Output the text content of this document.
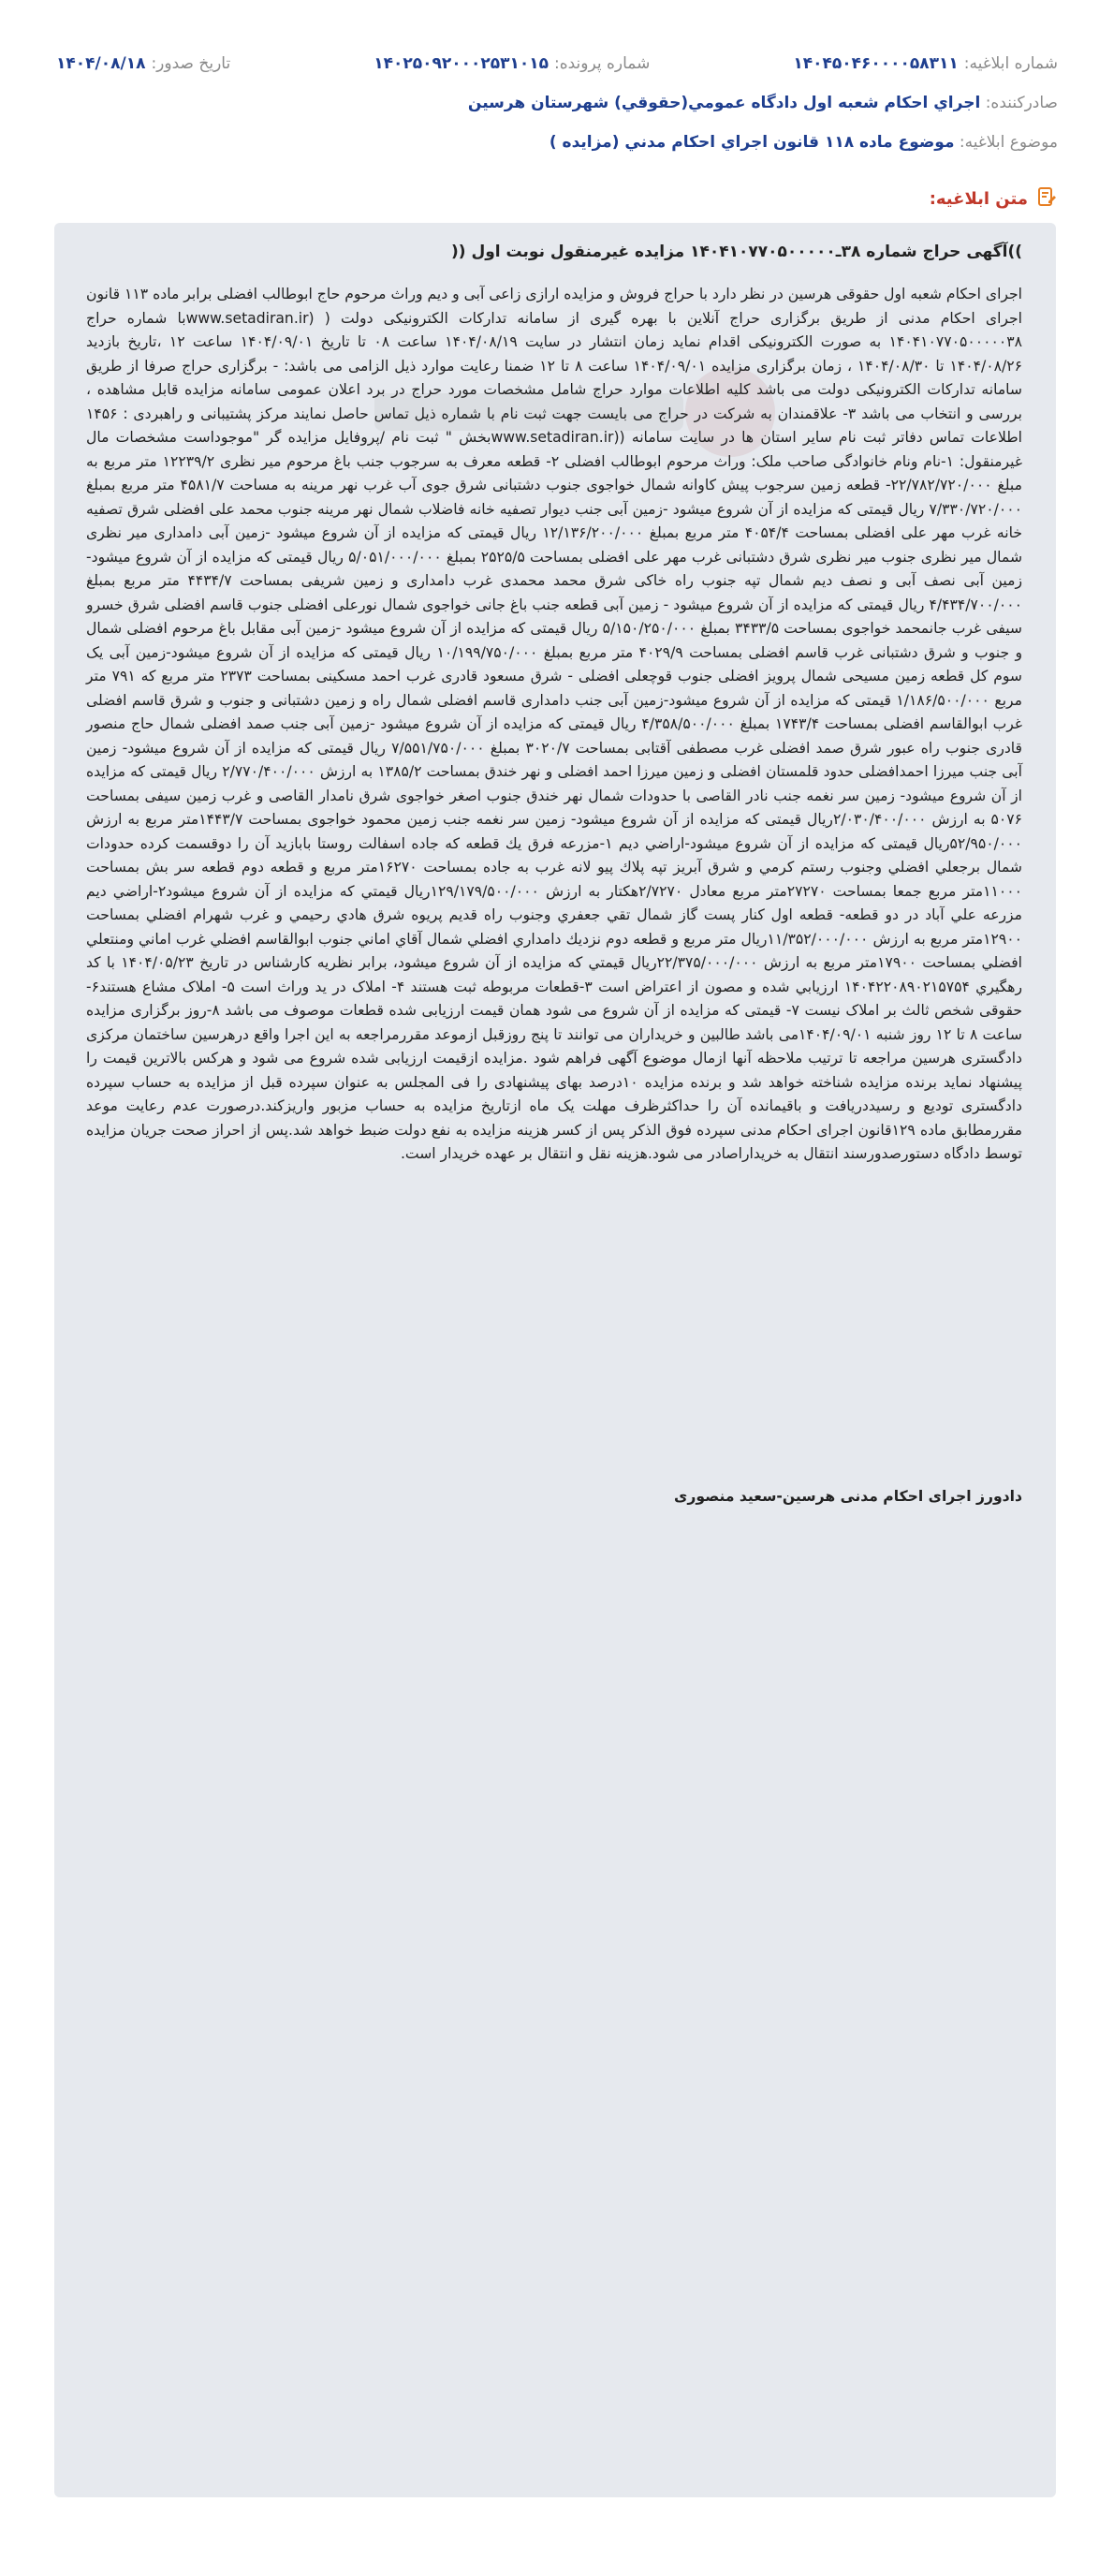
شماره ابلاغیه:
۱۴۰۴۵۰۴۶۰۰۰۰۵۸۳۱۱
شماره پرونده:
۱۴۰۲۵۰۹۲۰۰۰۲۵۳۱۰۱۵
تاریخ صدور:
۱۴۰۴/۰۸/۱۸
صادرکننده: اجراي احكام شعبه اول دادگاه عمومي(حقوقي) شهرستان هرسين
موضوع ابلاغیه: موضوع ماده ۱۱۸ قانون اجراي احكام مدني (مزايده )
متن ابلاغیه:
))آگهی حراج شماره ۳۸ـ۱۴۰۴۱۰۷۷۰۵۰۰۰۰۰ مزایده غیرمنقول نوبت اول ((
اجرای احکام شعبه اول حقوقی هرسین در نظر دارد با حراج فروش و مزایده ارازی زاعی آبی و دیم وراث مرحوم حاج ابوطالب افضلی برابر ماده ۱۱۳ قانون اجرای احکام مدنی از طریق برگزاری حراج آنلاین با بهره گیری از سامانه تدارکات الکترونیکی دولت ( (www.setadiran.irبا شماره حراج ۱۴۰۴۱۰۷۷۰۵۰۰۰۰۰۳۸ به صورت الکترونیکی اقدام نماید زمان انتشار در سایت ۱۴۰۴/۰۸/۱۹ ساعت ۰۸ تا تاریخ ۱۴۰۴/۰۹/۰۱ ساعت ۱۲ ،تاریخ بازدید ۱۴۰۴/۰۸/۲۶ تا ۱۴۰۴/۰۸/۳۰ ، زمان برگزاری مزایده ۱۴۰۴/۰۹/۰۱ ساعت ۸ تا ۱۲ ضمنا رعایت موارد ذیل الزامی می باشد: - برگزاری حراج صرفا از طریق سامانه تدارکات الکترونیکی دولت می باشد کلیه اطلاعات موارد حراج شامل مشخصات مورد حراج در برد اعلان عمومی سامانه مزایده قابل مشاهده ، بررسی و انتخاب می باشد ۳- علاقمندان به شرکت در حراج می بایست جهت ثبت نام با شماره ذیل تماس حاصل نمایند مرکز پشتیبانی و راهبردی : ۱۴۵۶ اطلاعات تماس دفاتر ثبت نام سایر استان ها در سایت سامانه ((www.setadiran.irبخش " ثبت نام /پروفایل مزایده گر "موجوداست مشخصات مال غیرمنقول: ۱-نام ونام خانوادگی صاحب ملک: وراث مرحوم ابوطالب افضلی ۲- قطعه معرف به سرجوب جنب باغ مرحوم میر نظری ۱۲۲۳۹/۲ متر مربع به مبلغ ۲۲/۷۸۲/۷۲۰/۰۰۰- قطعه زمین سرجوب پیش کاوانه شمال خواجوی جنوب دشتبانی شرق جوی آب غرب نهر مرینه به مساحت ۴۵۸۱/۷ متر مربع بمبلغ ۷/۳۳۰/۷۲۰/۰۰۰ ریال قیمتی که مزایده از آن شروع میشود -زمین آبی جنب دیوار تصفیه خانه فاضلاب شمال نهر مرینه جنوب محمد علی افضلی شرق تصفیه خانه غرب مهر علی افضلی بمساحت ۴۰۵۴/۴ متر مربع بمبلغ ۱۲/۱۳۶/۲۰۰/۰۰۰ ریال قیمتی که مزایده از آن شروع میشود -زمین آبی دامداری میر نظری شمال میر نظری جنوب میر نظری شرق دشتبانی غرب مهر علی افضلی بمساحت ۲۵۲۵/۵ بمبلغ ۵/۰۵۱/۰۰۰/۰۰۰ ریال قیمتی که مزایده از آن شروع میشود-زمین آبی نصف آبی و نصف دیم شمال تپه جنوب راه خاکی شرق محمد محمدی غرب دامداری و زمین شریفی بمساحت ۴۴۳۴/۷ متر مربع بمبلغ ۴/۴۳۴/۷۰۰/۰۰۰ ریال قیمتی که مزایده از آن شروع میشود - زمین آبی قطعه جنب باغ جانی خواجوی شمال نورعلی افضلی جنوب قاسم افضلی شرق خسرو سیفی غرب جانمحمد خواجوی بمساحت ۳۴۳۳/۵ بمبلغ ۵/۱۵۰/۲۵۰/۰۰۰ ریال قیمتی که مزایده از آن شروع میشود -زمین آبی مقابل باغ مرحوم افضلی شمال و جنوب و شرق دشتبانی غرب قاسم افضلی بمساحت ۴۰۲۹/۹ متر مربع بمبلغ ۱۰/۱۹۹/۷۵۰/۰۰۰ ریال قیمتی که مزایده از آن شروع میشود-زمین آبی یک سوم کل قطعه زمین مسیحی شمال پرویز افضلی جنوب قوچعلی افضلی - شرق مسعود قادری غرب احمد مسکینی بمساحت ۲۳۷۳ متر مربع که ۷۹۱ متر مربع ۱/۱۸۶/۵۰۰/۰۰۰ قیمتی که مزایده از آن شروع میشود-زمین آبی جنب دامداری قاسم افضلی شمال راه و زمین دشتبانی و جنوب و شرق قاسم افضلی غرب ابوالقاسم افضلی بمساحت ۱۷۴۳/۴ بمبلغ ۴/۳۵۸/۵۰۰/۰۰۰ ریال قیمتی که مزایده از آن شروع میشود -زمین آبی جنب صمد افضلی شمال حاج منصور قادری جنوب راه عبور شرق صمد افضلی غرب مصطفی آقتابی بمساحت ۳۰۲۰/۷ بمبلغ ۷/۵۵۱/۷۵۰/۰۰۰ ریال قیمتی که مزایده از آن شروع میشود- زمین آبی جنب میرزا احمدافضلی حدود قلمستان افضلی و زمین میرزا احمد افضلی و نهر خندق بمساحت ۱۳۸۵/۲ به ارزش ۲/۷۷۰/۴۰۰/۰۰۰ ریال قیمتی که مزایده از آن شروع میشود- زمین سر نغمه جنب نادر القاصی با حدودات شمال نهر خندق جنوب اصغر خواجوی شرق نامدار القاصی و غرب زمین سیفی بمساحت ۵۰۷۶ به ارزش ۲/۰۳۰/۴۰۰/۰۰۰ریال قیمتی که مزایده از آن شروع میشود- زمین سر نغمه جنب زمین محمود خواجوی بمساحت ۱۴۴۳/۷متر مربع به ارزش ۵۲/۹۵۰/۰۰۰ریال قیمتی که مزایده از آن شروع میشود-اراضي ديم ۱-مزرعه فرق يك قطعه كه جاده اسفالت روستا بابازيد آن را دوقسمت كرده حدودات شمال برجعلي افضلي وجنوب رستم كرمي و شرق آبريز تپه پلاك پيو لانه غرب به جاده بمساحت ۱۶۲۷۰متر مربع و قطعه دوم قطعه سر بش بمساحت ۱۱۰۰۰متر مربع جمعا بمساحت ۲۷۲۷۰متر مربع معادل ۲/۷۲۷۰هكتار به ارزش ۱۲۹/۱۷۹/۵۰۰/۰۰۰ريال قيمتي كه مزايده از آن شروع ميشود۲-اراضي ديم مزرعه علي آباد در دو قطعه- قطعه اول كنار پست گاز شمال تقي جعفري وجنوب راه قديم پريوه شرق هادي رحيمي و غرب شهرام افضلي بمساحت ۱۲۹۰۰متر مربع به ارزش ۱۱/۳۵۲/۰۰۰/۰۰۰ريال متر مربع و قطعه دوم نزديك دامداري افضلي شمال آقاي اماني جنوب ابوالقاسم افضلي غرب اماني ومنتعلي افضلي بمساحت ۱۷۹۰۰متر مربع به ارزش ۲۲/۳۷۵/۰۰۰/۰۰۰ريال قيمتي كه مزايده از آن شروع ميشود، برابر نظريه كارشناس در تاريخ ۱۴۰۴/۰۵/۲۳ با كد رهگيري ۱۴۰۴۲۲۰۸۹۰۲۱۵۷۵۴ ارزيابي شده و مصون از اعتراض است ۳-قطعات مربوطه ثبت هستند ۴- املاک در ید وراث است ۵- املاک مشاع هستند۶-حقوقی شخص ثالث بر املاک نیست ۷- قیمتی که مزایده از آن شروع می شود همان قیمت ارزیابی شده قطعات موصوف می باشد ۸-روز برگزاری مزایده ساعت ۸ تا ۱۲ روز شنبه ۱۴۰۴/۰۹/۰۱می باشد طالبین و خریداران می توانند تا پنج روزقبل ازموعد مقررمراجعه به این اجرا واقع درهرسین ساختمان مرکزی دادگستری هرسین مراجعه تا ترتیب ملاحظه آنها ازمال موضوع آگهی فراهم شود .مزایده ازقیمت ارزیابی شده شروع می شود و هرکس بالاترین قیمت را پیشنهاد نماید برنده مزایده شناخته خواهد شد و برنده مزایده ۱۰درصد بهای پیشنهادی را فی المجلس به عنوان سپرده قبل از مزایده به حساب سپرده دادگستری تودیع و رسیددریافت و باقیمانده آن را حداکثرظرف مهلت یک ماه ازتاریخ مزایده به حساب مزبور واریزکند.درصورت عدم رعایت موعد مقررمطابق ماده ۱۲۹قانون اجرای احکام مدنی سپرده فوق الذکر پس از کسر هزینه مزایده به نفع دولت ضبط خواهد شد.پس از احراز صحت جریان مزایده توسط دادگاه دستورصدورسند انتقال به خریداراصادر می شود.هزینه نقل و انتقال بر عهده خریدار است.
دادورز اجرای احکام مدنی هرسین-سعید منصوری
